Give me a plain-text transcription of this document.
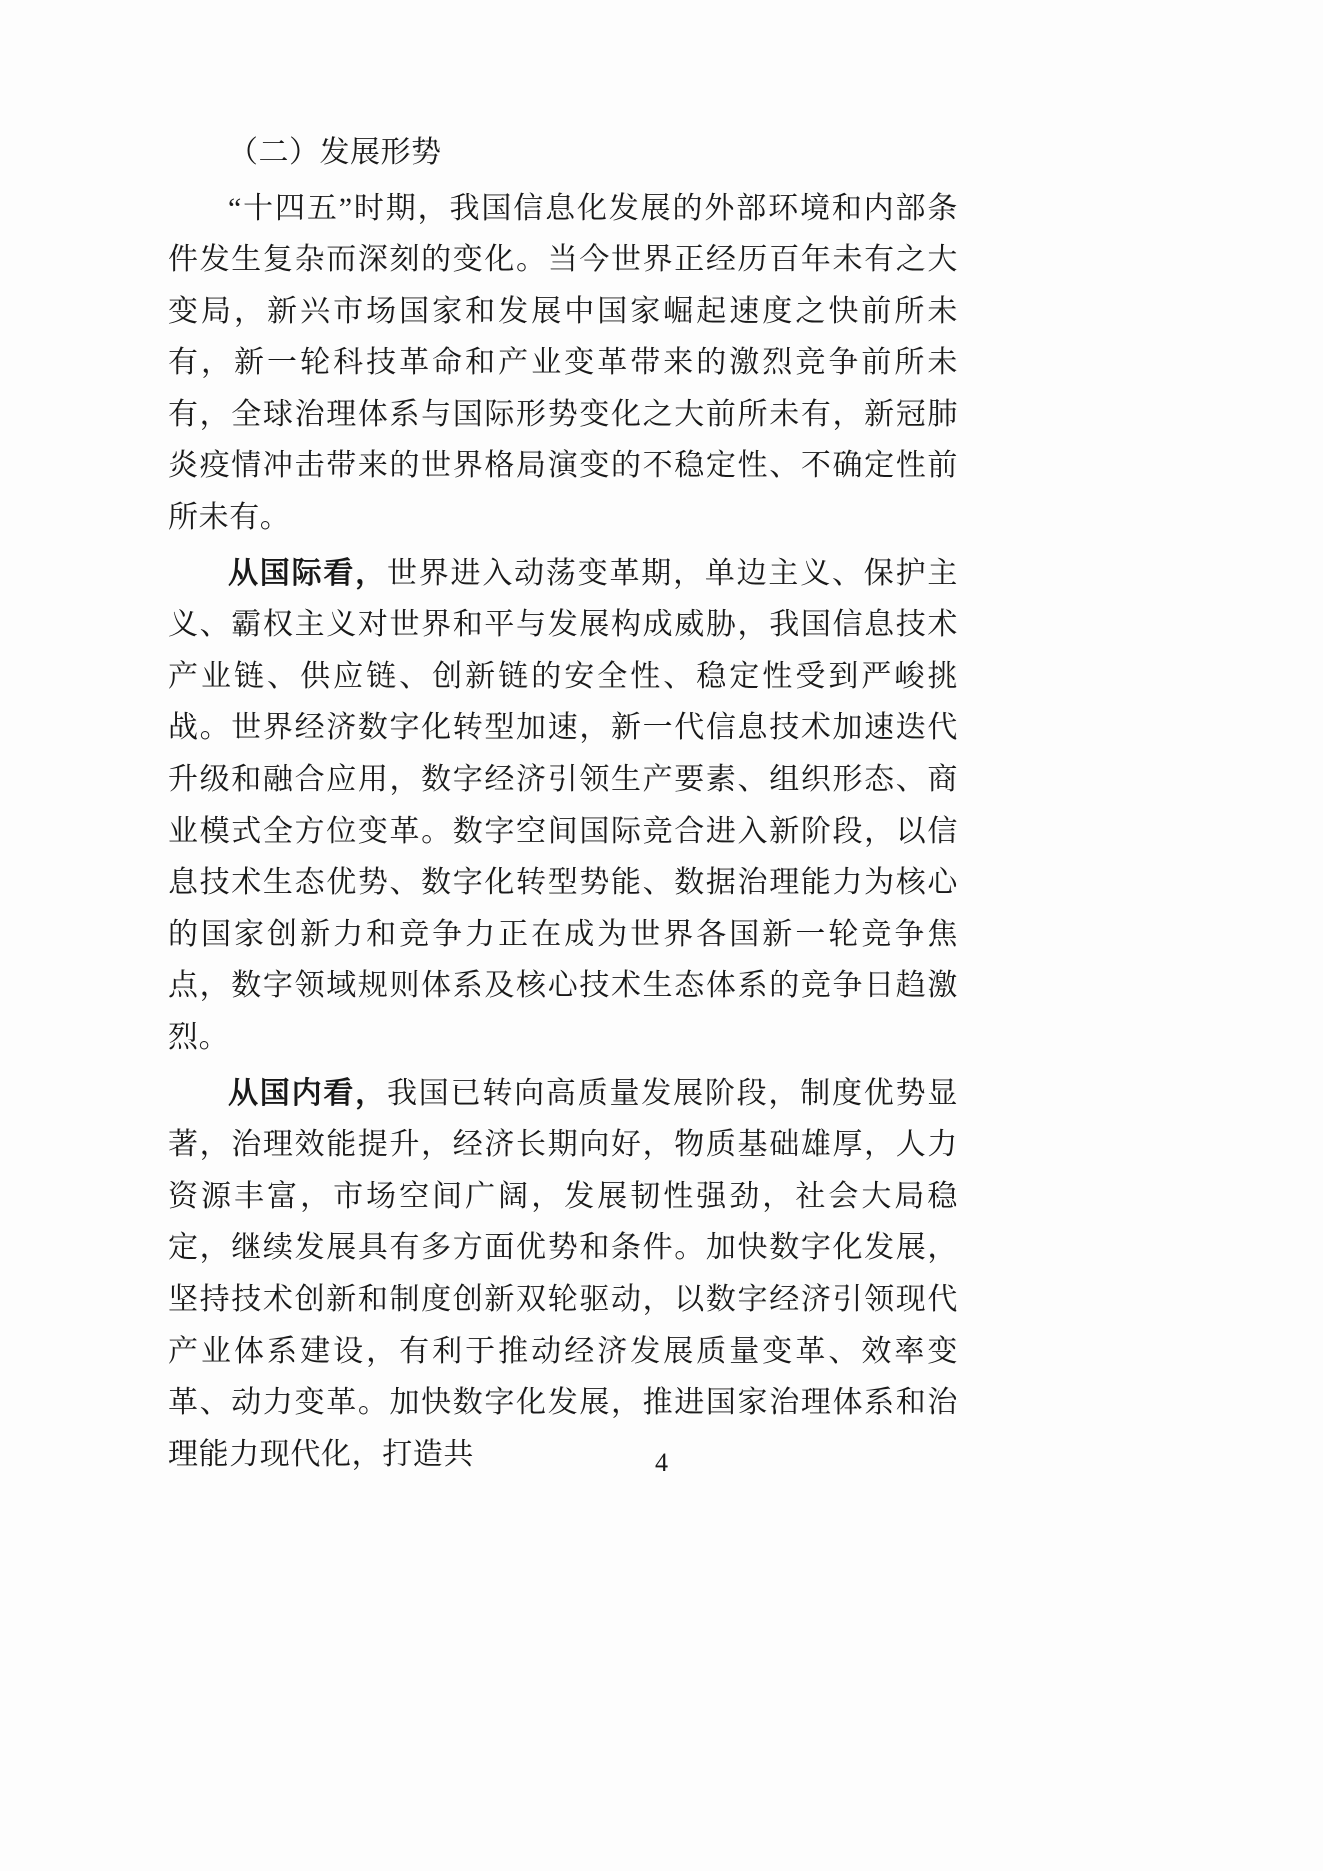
（二）发展形势

“十四五”时期，我国信息化发展的外部环境和内部条件发生复杂而深刻的变化。当今世界正经历百年未有之大变局，新兴市场国家和发展中国家崛起速度之快前所未有，新一轮科技革命和产业变革带来的激烈竞争前所未有，全球治理体系与国际形势变化之大前所未有，新冠肺炎疫情冲击带来的世界格局演变的不稳定性、不确定性前所未有。

从国际看，世界进入动荡变革期，单边主义、保护主义、霸权主义对世界和平与发展构成威胁，我国信息技术产业链、供应链、创新链的安全性、稳定性受到严峻挑战。世界经济数字化转型加速，新一代信息技术加速迭代升级和融合应用，数字经济引领生产要素、组织形态、商业模式全方位变革。数字空间国际竞合进入新阶段，以信息技术生态优势、数字化转型势能、数据治理能力为核心的国家创新力和竞争力正在成为世界各国新一轮竞争焦点，数字领域规则体系及核心技术生态体系的竞争日趋激烈。

从国内看，我国已转向高质量发展阶段，制度优势显著，治理效能提升，经济长期向好，物质基础雄厚，人力资源丰富，市场空间广阔，发展韧性强劲，社会大局稳定，继续发展具有多方面优势和条件。加快数字化发展，坚持技术创新和制度创新双轮驱动，以数字经济引领现代产业体系建设，有利于推动经济发展质量变革、效率变革、动力变革。加快数字化发展，推进国家治理体系和治理能力现代化，打造共	4
